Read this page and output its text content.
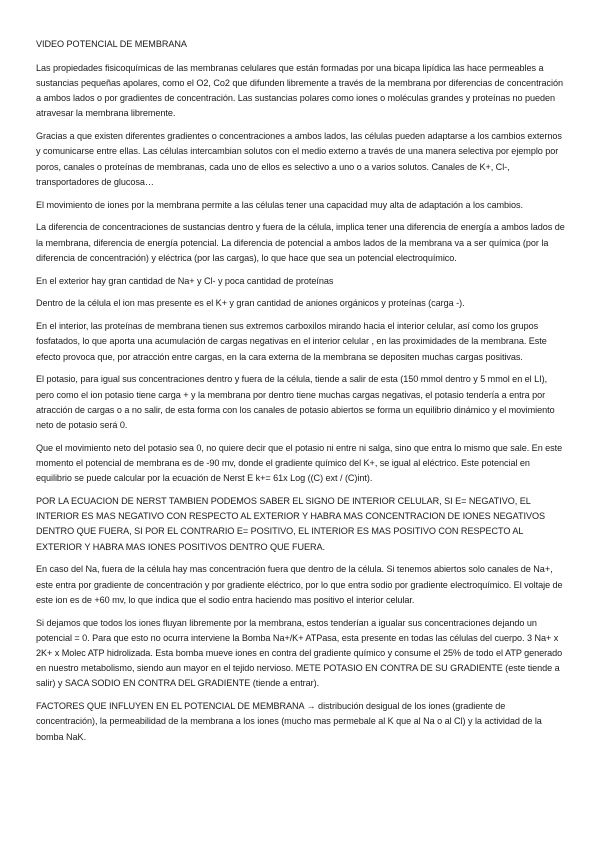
VIDEO POTENCIAL DE MEMBRANA

Las propiedades fisicoquímicas de las membranas celulares que están formadas por una bicapa lipídica las hace permeables a sustancias pequeñas apolares, como el O2, Co2 que difunden libremente a través de la membrana por diferencias de concentración a ambos lados o por gradientes de concentración. Las sustancias polares como iones o moléculas grandes y proteínas no pueden atravesar la membrana libremente.

Gracias a que existen diferentes gradientes o concentraciones a ambos lados, las células pueden adaptarse a los cambios externos y comunicarse entre ellas. Las células intercambian solutos con el medio externo a través de una manera selectiva por ejemplo por poros, canales o proteínas de membranas, cada uno de ellos es selectivo a uno o a varios solutos. Canales de K+, Cl-, transportadores de glucosa…

El movimiento de iones por la membrana permite a las células tener una capacidad muy alta de adaptación a los cambios.

La diferencia de concentraciones de sustancias dentro y fuera de la célula, implica tener una diferencia de energía a ambos lados de la membrana, diferencia de energía potencial. La diferencia de potencial a ambos lados de la membrana va a ser química (por la diferencia de concentración) y eléctrica (por las cargas), lo que hace que sea un potencial electroquímico.

En el exterior hay gran cantidad de Na+ y Cl- y poca cantidad de proteínas

Dentro de la célula el ion mas presente es el K+ y gran cantidad de aniones orgánicos y proteínas (carga -).

En el interior, las proteínas de membrana tienen sus extremos carboxilos mirando hacia el interior celular, así como los grupos fosfatados, lo que aporta una acumulación de cargas negativas en el interior celular , en las proximidades de la membrana. Este efecto provoca que, por atracción entre cargas, en la cara externa de la membrana se depositen muchas cargas positivas.

El potasio, para igual sus concentraciones dentro y fuera de la célula, tiende a salir de esta (150 mmol dentro y 5 mmol en el LI), pero como el ion potasio tiene carga + y la membrana por dentro tiene muchas cargas negativas, el potasio tendería a entra por atracción de cargas o a no salir, de esta forma con los canales de potasio abiertos se forma un equilibrio dinámico y el movimiento neto de potasio será 0.

Que el movimiento neto del potasio sea 0, no quiere decir que el potasio ni entre ni salga, sino que entra lo mismo que sale. En este momento el potencial de membrana es de -90 mv, donde el gradiente químico del K+, se igual al eléctrico. Este potencial en equilibrio se puede calcular por la ecuación de Nerst E k+= 61x Log ((C) ext / (C)int).

POR LA ECUACION DE NERST TAMBIEN PODEMOS SABER EL SIGNO DE INTERIOR CELULAR, SI E= NEGATIVO, EL INTERIOR ES MAS NEGATIVO CON RESPECTO AL EXTERIOR Y HABRA MAS CONCENTRACION DE IONES NEGATIVOS DENTRO QUE FUERA, SI POR EL CONTRARIO E= POSITIVO, EL INTERIOR ES MAS POSITIVO CON RESPECTO AL EXTERIOR Y HABRA MAS IONES POSITIVOS DENTRO QUE FUERA.

En caso del Na, fuera de la célula hay mas concentración fuera que dentro de la célula. Si tenemos abiertos solo canales de Na+, este entra por gradiente de concentración y por gradiente eléctrico, por lo que entra sodio por gradiente electroquímico. El voltaje de este ion es de +60 mv, lo que indica que el sodio entra haciendo mas positivo el interior celular.

Si dejamos que todos los iones fluyan libremente por la membrana, estos tenderían a igualar sus concentraciones dejando un potencial = 0. Para que esto no ocurra interviene la Bomba Na+/K+ ATPasa, esta presente en todas las células del cuerpo. 3 Na+ x 2K+ x Molec ATP hidrolizada. Esta bomba mueve iones en contra del gradiente químico y consume el 25% de todo el ATP generado en nuestro metabolismo, siendo aun mayor en el tejido nervioso. METE POTASIO EN CONTRA DE SU GRADIENTE (este tiende a salir) y SACA SODIO EN CONTRA DEL GRADIENTE (tiende a entrar).

FACTORES QUE INFLUYEN EN EL POTENCIAL DE MEMBRANA → distribución desigual de los iones (gradiente de concentración), la permeabilidad de la membrana a los iones (mucho mas permebale al K que al Na o al Cl) y la actividad de la bomba NaK.
